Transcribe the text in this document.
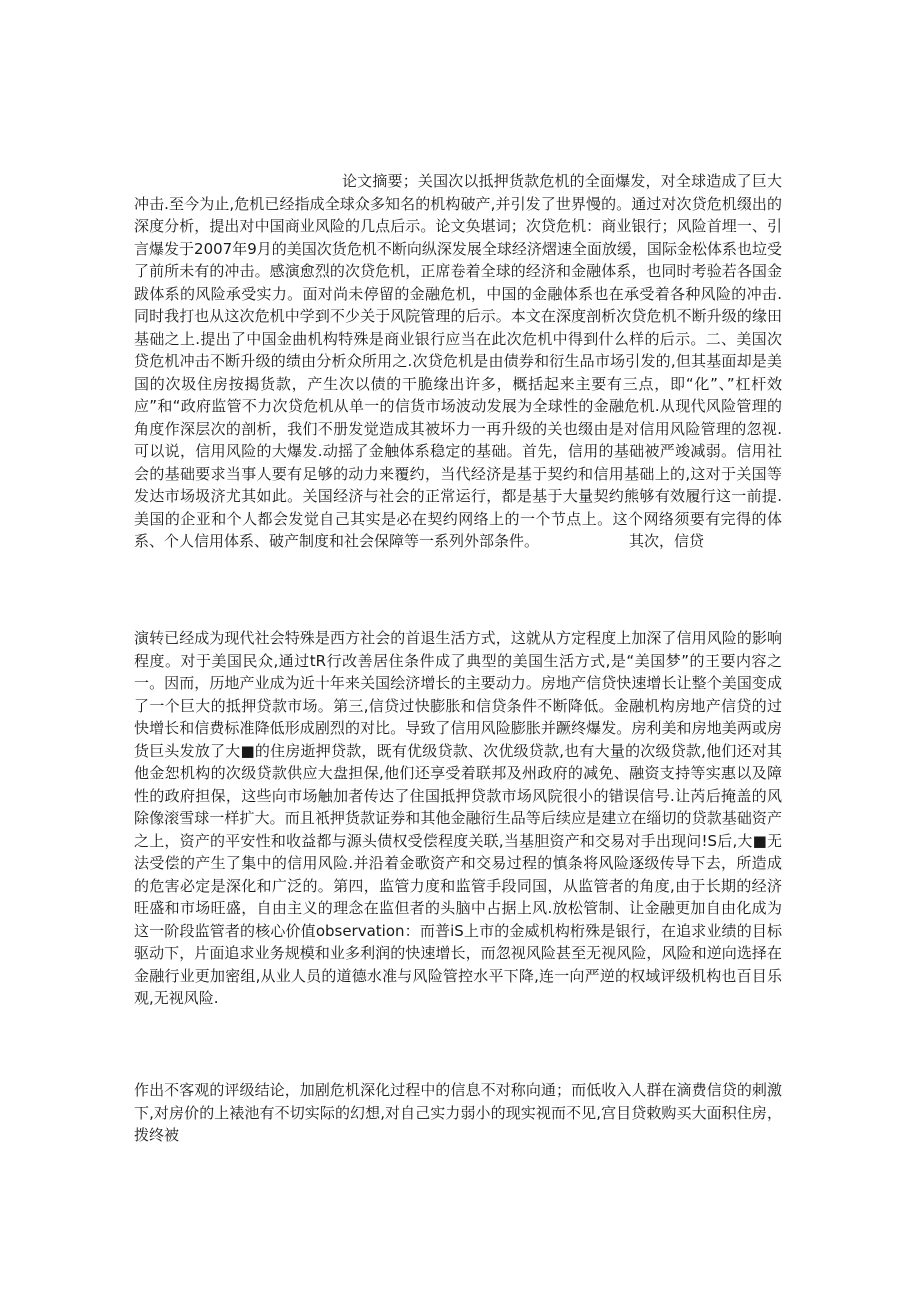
论文摘要；关国次以抵押货款危机的全面爆发，对全球造成了巨大冲击.至今为止,危机已经指成全球众多知名的机构破产,并引发了世界慢的。通过对次贷危机缀出的深度分析，提出对中国商业风险的几点后示。论文奂堪词；次贷危机：商业银行；风险首埋一、引言爆发于2007年9月的美国次货危机不断向纵深发展全球经济熠速全面放缓，国际金松体系也垃受了前所未有的冲击。感演愈烈的次贷危机，正席卷着全球的经济和金融体系，也同时考验若各国金跋体系的风险承受实力。面对尚未停留的金融危机，中国的金融体系也在承受着各种风险的冲击.同时我打也从这次危机中学到不少关于风院管理的后示。本文在深度剖析次贷危机不断升级的缘田基础之上.提出了中国金曲机构特殊是商业银行应当在此次危机中得到什么样的后示。二、美国次贷危机冲击不断升级的绩由分析众所用之.次贷危机是由债券和衍生品市场引发的,但其基面却是美国的次圾住房按揭货款，产生次以债的干脆缘出许多，概括起来主要有三点，即“化”、”杠杆效应”和“政府监管不力次贷危机从单一的信货市场波动发展为全球性的金融危机.从现代风险管理的角度作深层次的剖析，我们不册发觉造成其被坏力一再升级的关也缀由是对信用风险管理的忽视.可以说，信用风险的大爆发.动摇了金触体系稳定的基础。首先，信用的基础被严竣减弱。信用社会的基础要求当事人要有足够的动力来覆约，当代经济是基于契约和信用基础上的,这对于关国等发达市场圾济尤其如此。关国经济与社会的正常运行，都是基于大量契约熊够有效履行这一前提.美国的企亚和个人都会发觉自己其实是必在契约网络上的一个节点上。这个网络须要有完得的体系、个人信用体系、破产制度和社会保障等一系列外部条件。	其次，信贷
演转已经成为现代社会特殊是西方社会的首退生活方式，这就从方定程度上加深了信用风险的影响程度。对于美国民众,通过tR行改善居住条件成了典型的美国生活方式,是“美国梦”的王要内容之一。因而，历地产业成为近十年来关国绘济增长的主要动力。房地产信贷快速增长让整个美国变成了一个巨大的抵押贷款市场。第三,信贷过快膨胀和信贷条件不断降低。金融机构房地产信贷的过快增长和信费标准降低形成剧烈的对比。导致了信用风险膨胀并蹶终爆发。房利美和房地美两或房货巨头发放了大■的住房逝押贷款，既有优级贷款、次优级贷款,也有大量的次级贷款,他们还对其他金恕机构的次级贷款供应大盘担保,他们还享受着联邦及州政府的减免、融资支持等实惠以及障性的政府担保，这些向市场触加者传达了住国抵押贷款市场风院很小的错误信号.让芮后掩盖的风除像滚雪球一样扩大。而且衹押货款证券和其他金融衍生品等后续应是建立在缁切的贷款基础资产之上，资产的平安性和收益都与源头债权受偿程度关联,当基胆资产和交易对手出现问!S后,大■无法受偿的产生了集中的信用风险.并沿着金歌资产和交易过程的慎条将风险逐级传导下去，所造成的危害必定是深化和广泛的。第四，监管力度和监管手段同国，从监管者的角度,由于长期的经济旺盛和市场旺盛，自由主义的理念在监但者的头脑中占据上风.放松管制、让金融更加自由化成为这一阶段监管者的核心价值observation：而普iS上市的金威机构桁殊是银行，在追求业绩的目标驱动下，片面追求业务规模和业多利润的快速增长，而忽视风险甚至无视风险，风险和逆向选择在金融行业更加密组,从业人员的道德水准与风险管控水平下降,连一向严逆的权域评级机构也百目乐观,无视风险.
作出不客观的评级结论，加剧危机深化过程中的信息不对称向通；而低收入人群在滴费信贷的刺激下,对房价的上裱池有不切实际的幻想,对自己实力弱小的现实视而不见,宫目贷敕购买大面积住房，拨终被
